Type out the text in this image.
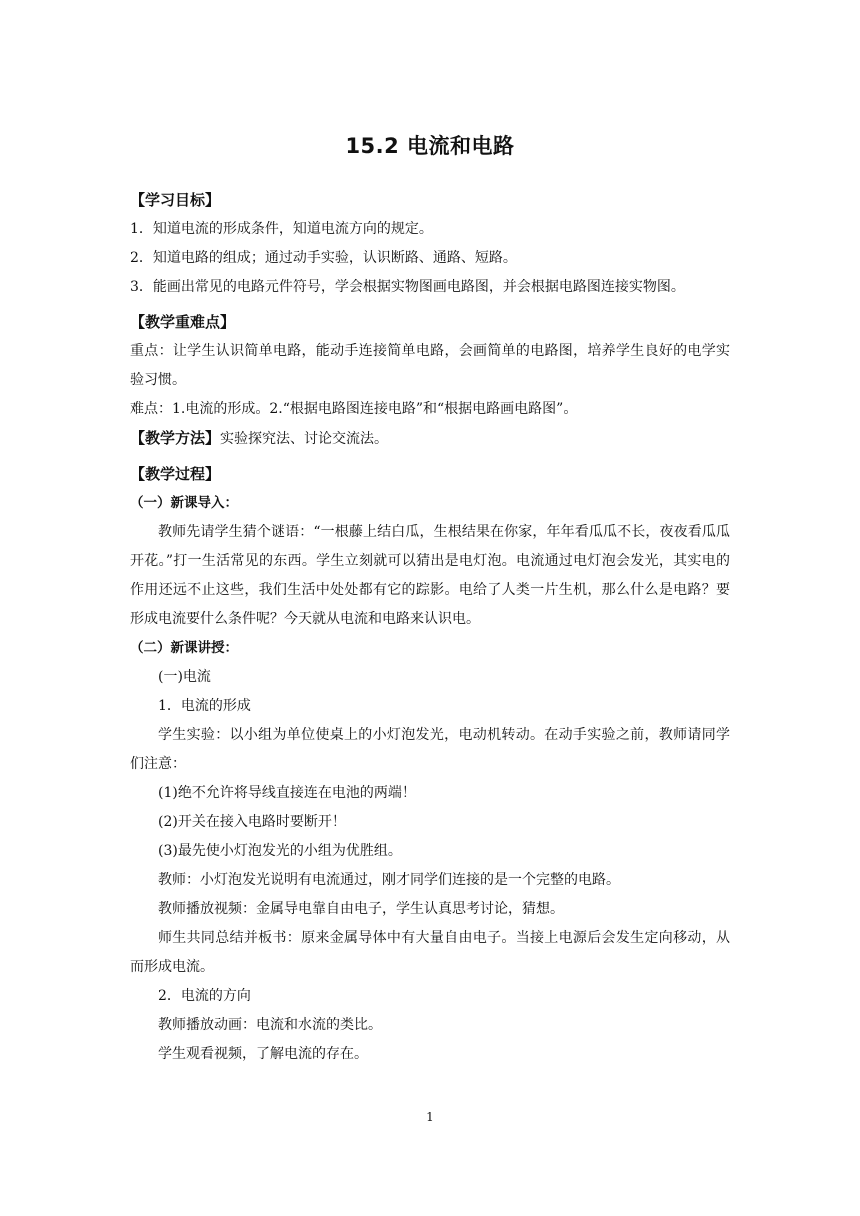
15.2 电流和电路
【学习目标】

1．知道电流的形成条件，知道电流方向的规定。

2．知道电路的组成；通过动手实验，认识断路、通路、短路。

3．能画出常见的电路元件符号，学会根据实物图画电路图，并会根据电路图连接实物图。

【教学重难点】

重点：让学生认识简单电路，能动手连接简单电路，会画简单的电路图，培养学生良好的电学实验习惯。

难点：1.电流的形成。2.“根据电路图连接电路”和“根据电路画电路图”。

【教学方法】实验探究法、讨论交流法。

【教学过程】
（一）新课导入：

教师先请学生猜个谜语：“一根藤上结白瓜，生根结果在你家，年年看瓜瓜不长，夜夜看瓜瓜开花。”打一生活常见的东西。学生立刻就可以猜出是电灯泡。电流通过电灯泡会发光，其实电的作用还远不止这些，我们生活中处处都有它的踪影。电给了人类一片生机，那么什么是电路？要形成电流要什么条件呢？今天就从电流和电路来认识电。

（二）新课讲授：

(一)电流

1．电流的形成

学生实验：以小组为单位使桌上的小灯泡发光，电动机转动。在动手实验之前，教师请同学们注意：

(1)绝不允许将导线直接连在电池的两端！

(2)开关在接入电路时要断开！

(3)最先使小灯泡发光的小组为优胜组。

教师：小灯泡发光说明有电流通过，刚才同学们连接的是一个完整的电路。

教师播放视频：金属导电靠自由电子，学生认真思考讨论，猜想。

师生共同总结并板书：原来金属导体中有大量自由电子。当接上电源后会发生定向移动，从而形成电流。

2．电流的方向

教师播放动画：电流和水流的类比。

学生观看视频，了解电流的存在。

1
